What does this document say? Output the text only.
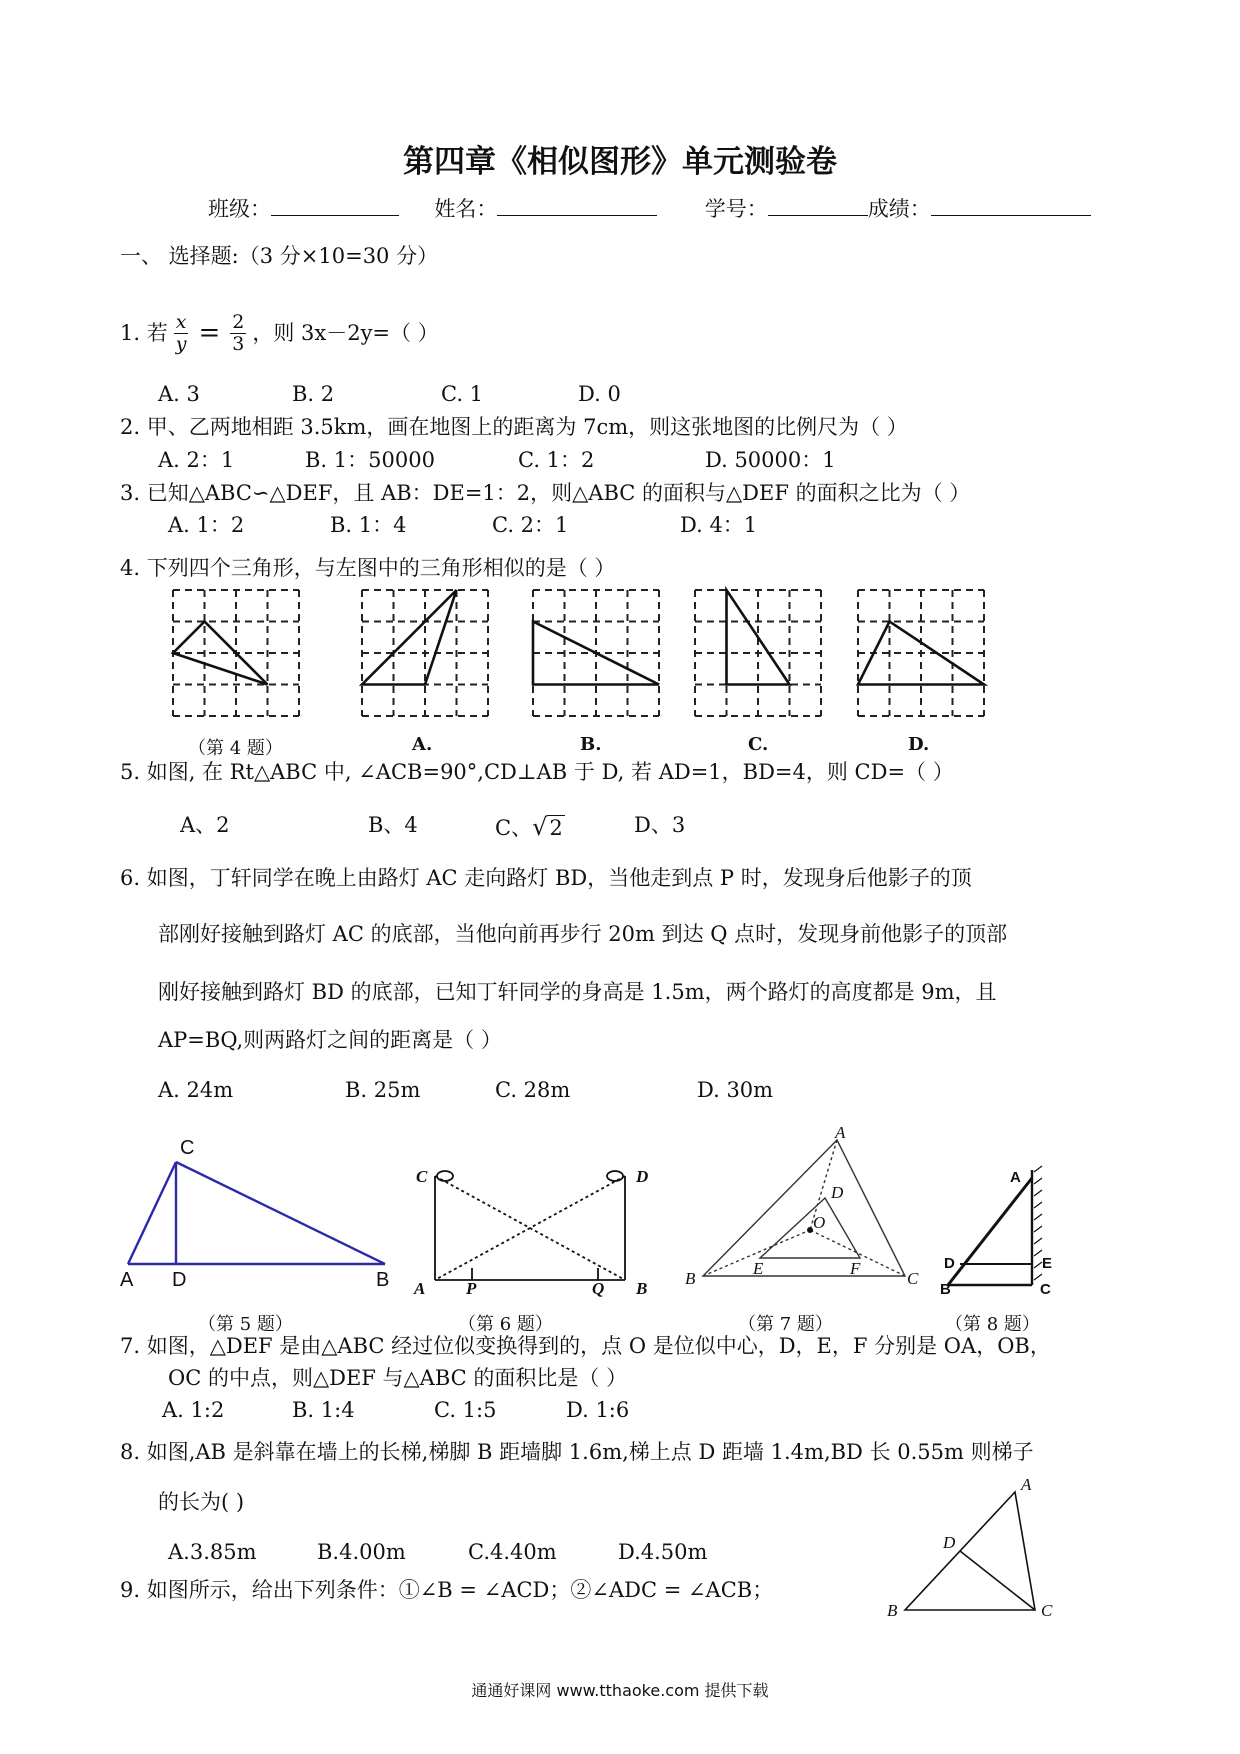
第四章《相似图形》单元测验卷
班级：	姓名：	学号：	成绩：
一、 选择题:（3 分×10=30 分）
1. 若 $\frac{x}{y} = \frac{2}{3}$ ，则 3x－2y=（ ）
A. 3	B. 2	C. 1	D. 0
2. 甲、乙两地相距 3.5km，画在地图上的距离为 7cm，则这张地图的比例尺为（ ）
A. 2：1	B. 1：50000	C. 1：2	D. 50000：1
3. 已知△ABC∽△DEF，且 AB：DE=1：2，则△ABC 的面积与△DEF 的面积之比为（ ）
A. 1：2	B. 1：4	C. 2：1	D. 4：1
4. 下列四个三角形，与左图中的三角形相似的是（ ）
（第 4 题）	A.	B.	C.	D.
5. 如图, 在 Rt△ABC 中, ∠ACB=90°,CD⊥AB 于 D, 若 AD=1，BD=4，则 CD=（ ）
A、2	B、4	C、√2	D、3
6. 如图，丁轩同学在晚上由路灯 AC 走向路灯 BD，当他走到点 P 时，发现身后他影子的顶
部刚好接触到路灯 AC 的底部，当他向前再步行 20m 到达 Q 点时，发现身前他影子的顶部
刚好接触到路灯 BD 的底部，已知丁轩同学的身高是 1.5m，两个路灯的高度都是 9m，且
AP=BQ,则两路灯之间的距离是（ ）
A. 24m	B. 25m	C. 28m	D. 30m
C
A D	B
C	D
A P	Q B
A
D
O
B
E	F
C
A
D	E
B	C
（第 5 题）	（第 6 题）	（第 7 题）	（第 8 题）
7. 如图，△DEF 是由△ABC 经过位似变换得到的，点 O 是位似中心，D，E，F 分别是 OA，OB，
OC 的中点，则△DEF 与△ABC 的面积比是（ ）
A. 1:2	B. 1:4	C. 1:5	D. 1:6
8. 如图,AB 是斜靠在墙上的长梯,梯脚 B 距墙脚 1.6m,梯上点 D 距墙 1.4m,BD 长 0.55m 则梯子
的长为( )
A.3.85m	B.4.00m	C.4.40m	D.4.50m
9. 如图所示，给出下列条件：①∠B = ∠ACD；②∠ADC = ∠ACB；
A
D
B	C
通通好课网 www.tthaoke.com 提供下载
